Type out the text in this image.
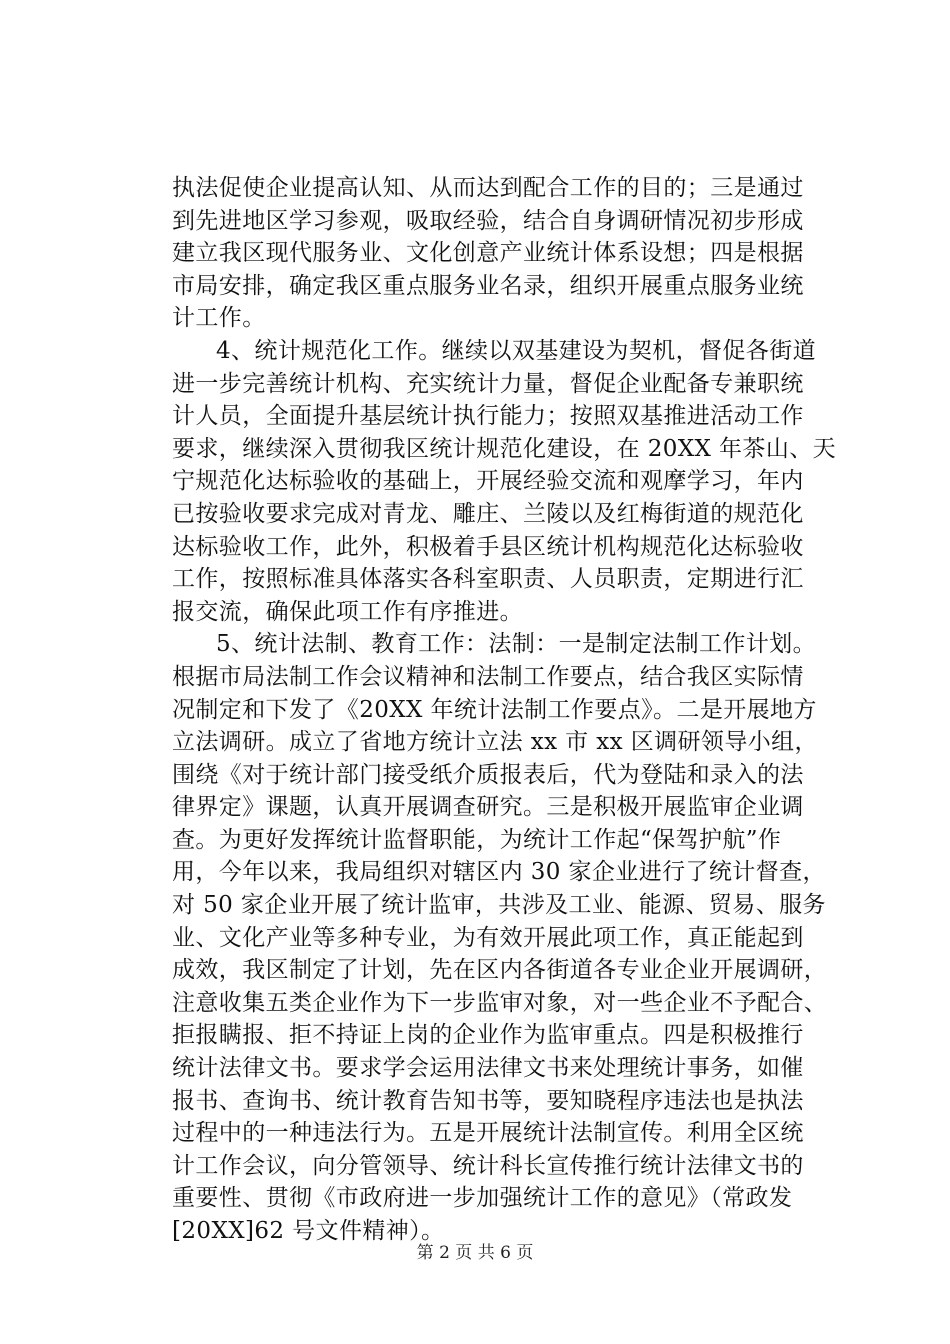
执法促使企业提高认知、从而达到配合工作的目的；三是通过
到先进地区学习参观，吸取经验，结合自身调研情况初步形成
建立我区现代服务业、文化创意产业统计体系设想；四是根据
市局安排，确定我区重点服务业名录，组织开展重点服务业统
计工作。
4、统计规范化工作。继续以双基建设为契机，督促各街道
进一步完善统计机构、充实统计力量，督促企业配备专兼职统
计人员，全面提升基层统计执行能力；按照双基推进活动工作
要求，继续深入贯彻我区统计规范化建设，在 20XX 年茶山、天
宁规范化达标验收的基础上，开展经验交流和观摩学习，年内
已按验收要求完成对青龙、雕庄、兰陵以及红梅街道的规范化
达标验收工作，此外，积极着手县区统计机构规范化达标验收
工作，按照标准具体落实各科室职责、人员职责，定期进行汇
报交流，确保此项工作有序推进。
5、统计法制、教育工作：法制：一是制定法制工作计划。
根据市局法制工作会议精神和法制工作要点，结合我区实际情
况制定和下发了《20XX 年统计法制工作要点》。二是开展地方
立法调研。成立了省地方统计立法 xx 市 xx 区调研领导小组，
围绕《对于统计部门接受纸介质报表后，代为登陆和录入的法
律界定》课题，认真开展调查研究。三是积极开展监审企业调
查。为更好发挥统计监督职能，为统计工作起“保驾护航”作
用，今年以来，我局组织对辖区内 30 家企业进行了统计督查，
对 50 家企业开展了统计监审，共涉及工业、能源、贸易、服务
业、文化产业等多种专业，为有效开展此项工作，真正能起到
成效，我区制定了计划，先在区内各街道各专业企业开展调研，
注意收集五类企业作为下一步监审对象，对一些企业不予配合、
拒报瞒报、拒不持证上岗的企业作为监审重点。四是积极推行
统计法律文书。要求学会运用法律文书来处理统计事务，如催
报书、查询书、统计教育告知书等，要知晓程序违法也是执法
过程中的一种违法行为。五是开展统计法制宣传。利用全区统
计工作会议，向分管领导、统计科长宣传推行统计法律文书的
重要性、贯彻《市政府进一步加强统计工作的意见》（常政发
[20XX]62 号文件精神）。
第 2 页 共 6 页
